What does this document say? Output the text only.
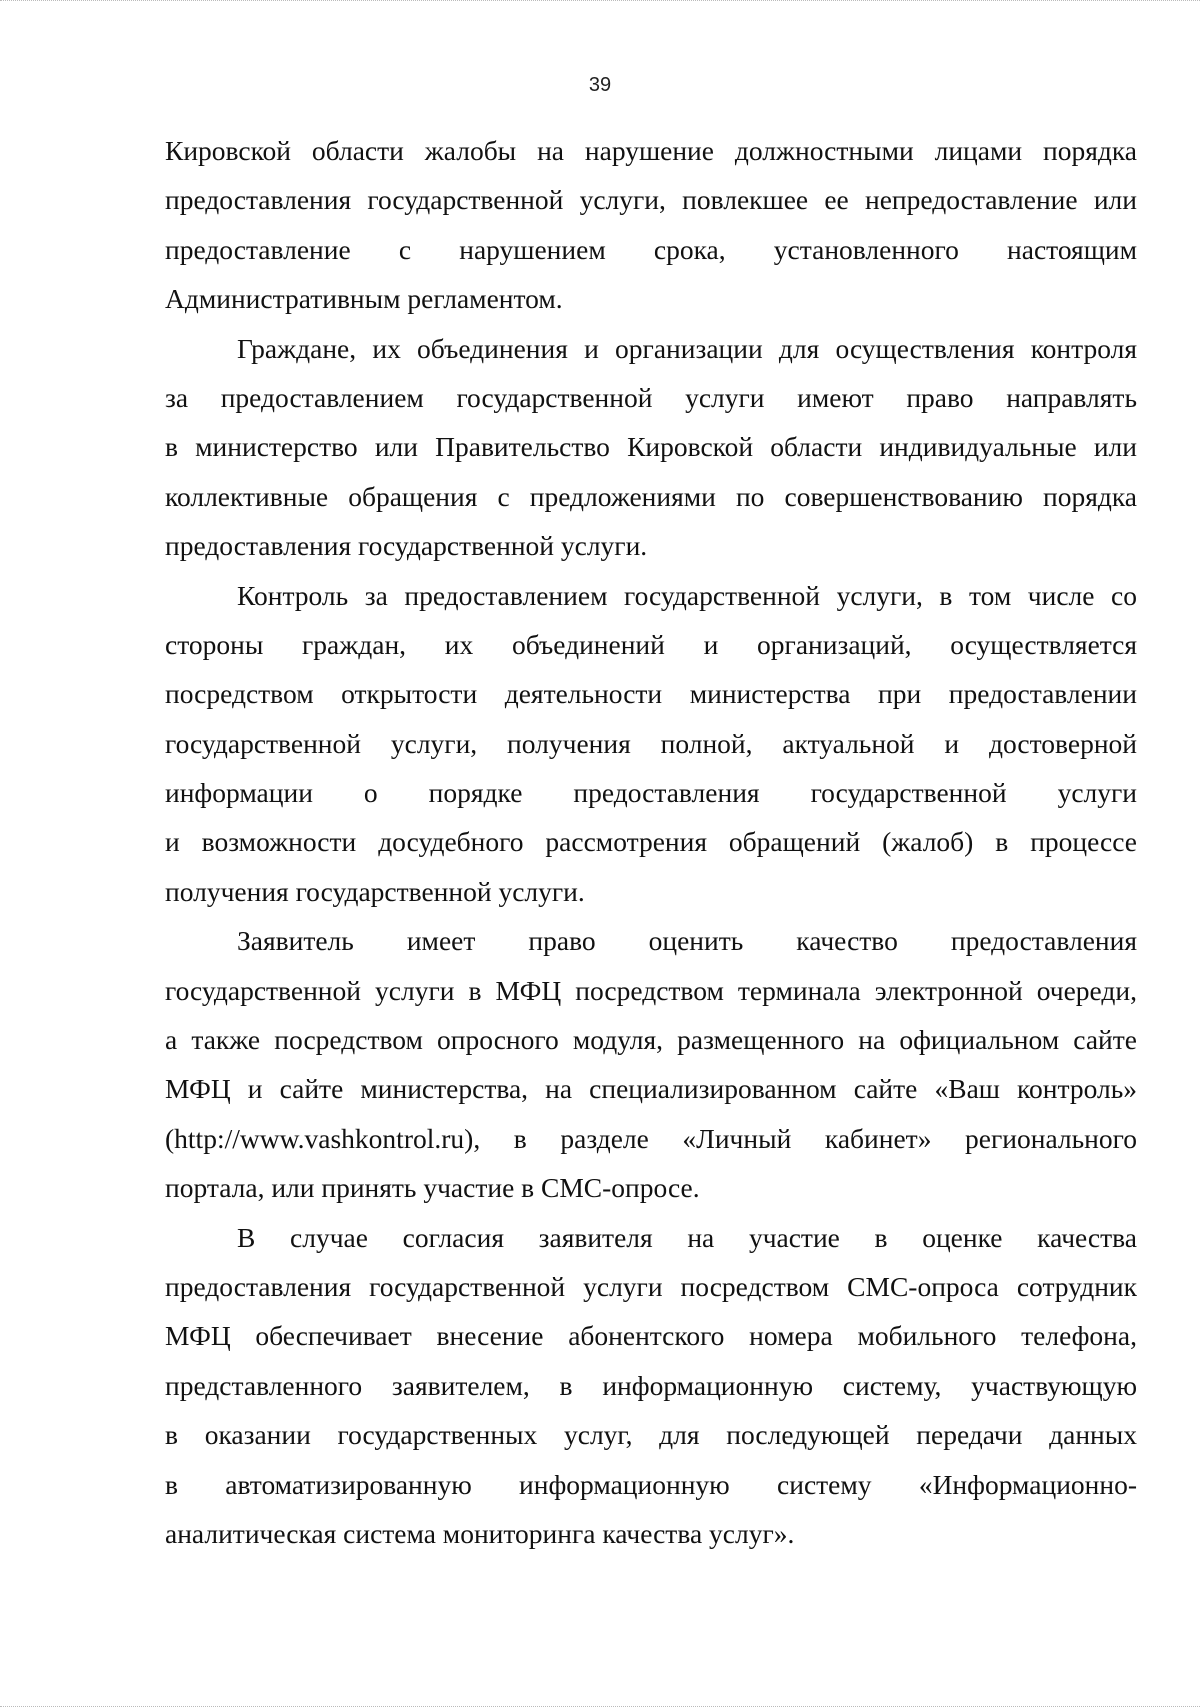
39
Кировской области жалобы на нарушение должностными лицами порядка
предоставления государственной услуги, повлекшее ее непредоставление или
предоставление с нарушением срока, установленного настоящим
Административным регламентом.
Граждане, их объединения и организации для осуществления контроля
за предоставлением государственной услуги имеют право направлять
в министерство или Правительство Кировской области индивидуальные или
коллективные обращения с предложениями по совершенствованию порядка
предоставления государственной услуги.
Контроль за предоставлением государственной услуги, в том числе со
стороны граждан, их объединений и организаций, осуществляется
посредством открытости деятельности министерства при предоставлении
государственной услуги, получения полной, актуальной и достоверной
информации о порядке предоставления государственной услуги
и возможности досудебного рассмотрения обращений (жалоб) в процессе
получения государственной услуги.
Заявитель имеет право оценить качество предоставления
государственной услуги в МФЦ посредством терминала электронной очереди,
а также посредством опросного модуля, размещенного на официальном сайте
МФЦ и сайте министерства, на специализированном сайте «Ваш контроль»
(http://www.vashkontrol.ru), в разделе «Личный кабинет» регионального
портала, или принять участие в СМС-опросе.
В случае согласия заявителя на участие в оценке качества
предоставления государственной услуги посредством СМС-опроса сотрудник
МФЦ обеспечивает внесение абонентского номера мобильного телефона,
представленного заявителем, в информационную систему, участвующую
в оказании государственных услуг, для последующей передачи данных
в автоматизированную информационную систему «Информационно-
аналитическая система мониторинга качества услуг».
